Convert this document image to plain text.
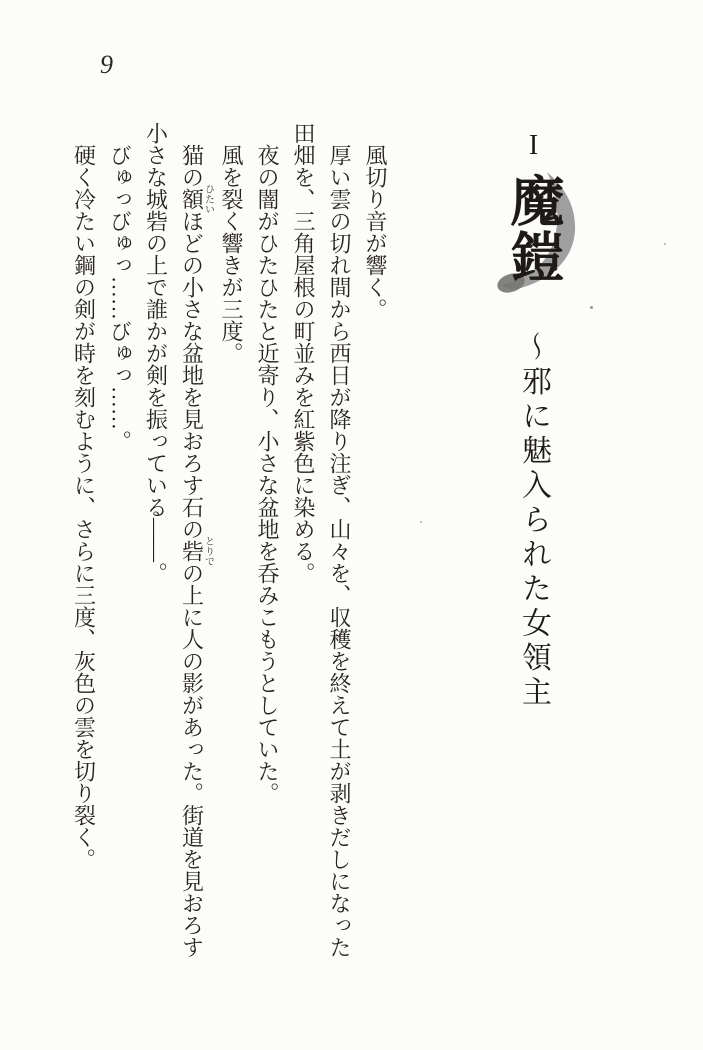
9
I 魔鎧 ～邪に魅入られた女領主

風切り音が響く。

厚い雲の切れ間から西日が降り注ぎ、山々を、収穫を終えて土が剥きだしになった田畑を、三角屋根の町並みを紅紫色に染める。

夜の闇がひたひたと近寄り、小さな盆地を呑みこもうとしていた。

風を裂く響きが三度。

猫の額ひたいほどの小さな盆地を見おろす石の砦とりでの上に人の影があった。街道を見おろす小さな城砦の上で誰かが剣を振っている――。

びゅっびゅっ……びゅっ……。

硬く冷たい鋼の剣が時を刻むように、さらに三度、灰色の雲を切り裂く。
